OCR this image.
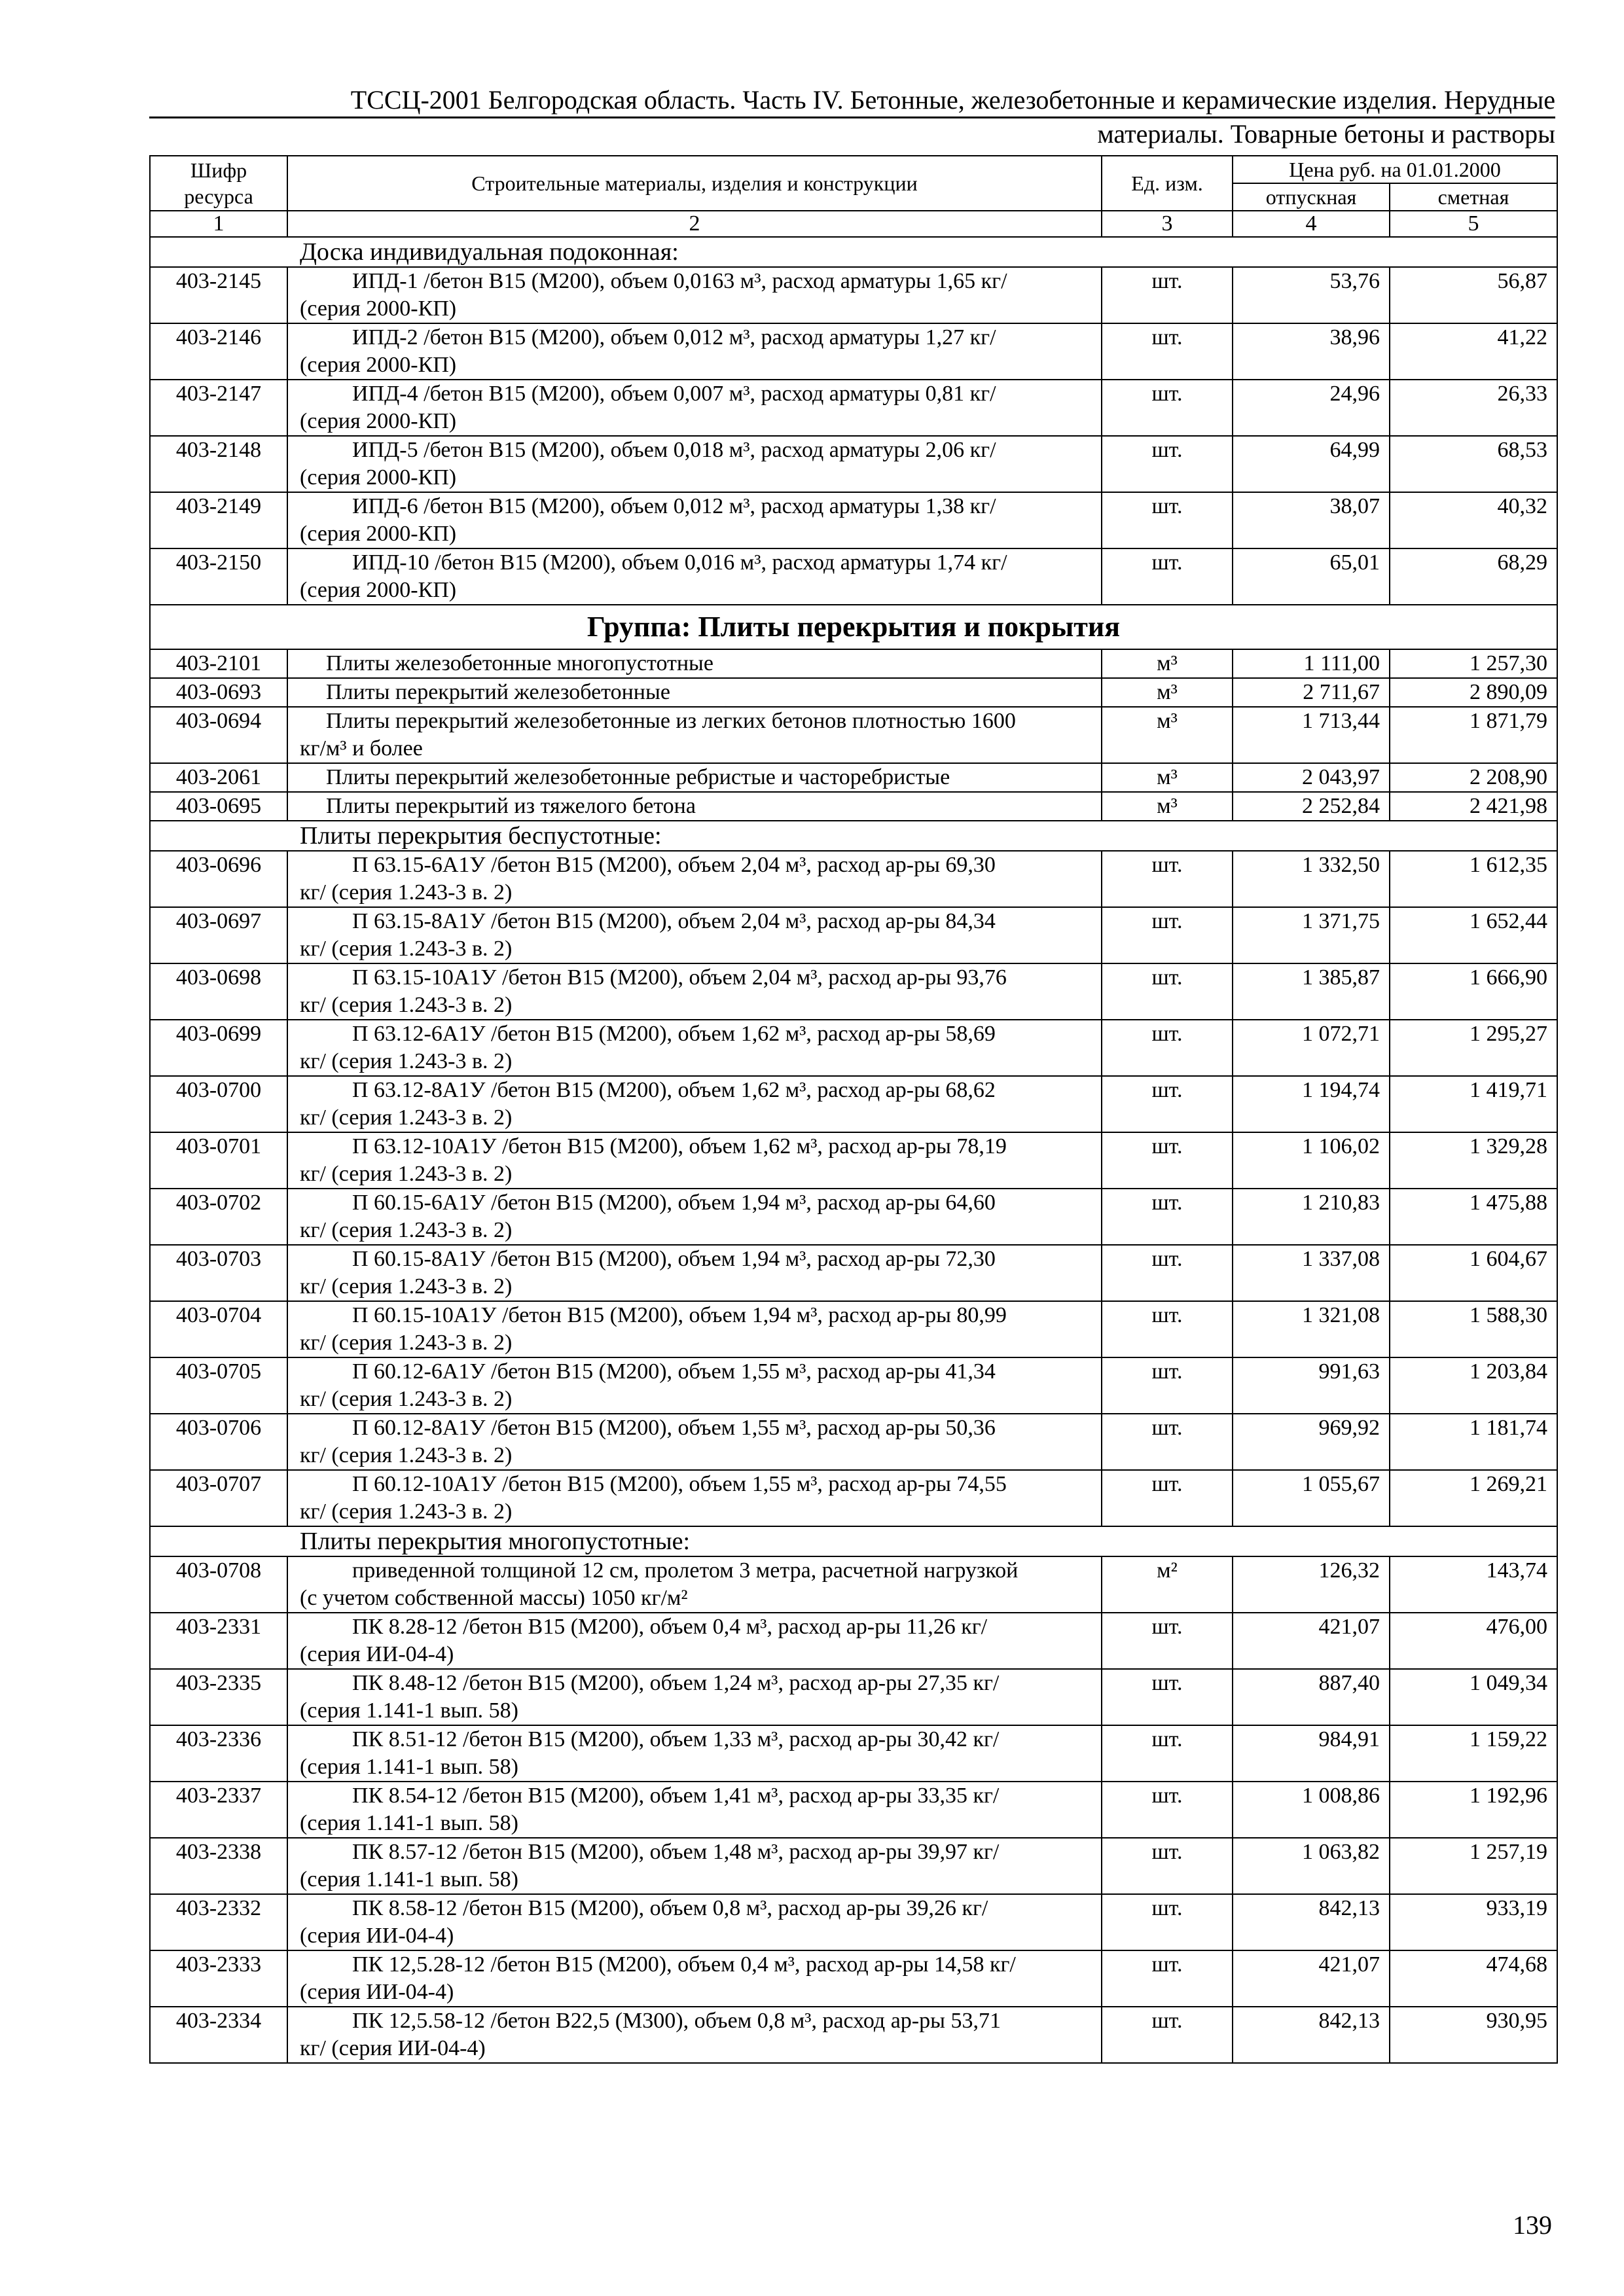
ТССЦ-2001 Белгородская область. Часть IV. Бетонные, железобетонные и керамические изделия. Нерудные
материалы. Товарные бетоны и растворы
Шифр ресурса	Строительные материалы, изделия и конструкции	Ед. изм.	Цена руб. на 01.01.2000	
			отпускная	сметная
1	2	3	4	5
Доска индивидуальная подоконная:				
403-2145	ИПД-1 /бетон В15 (М200), объем 0,0163 м³, расход арматуры 1,65 кг/
(серия 2000-КП)	шт.	53,76	56,87
403-2146	ИПД-2 /бетон В15 (М200), объем 0,012 м³, расход арматуры 1,27 кг/
(серия 2000-КП)	шт.	38,96	41,22
403-2147	ИПД-4 /бетон В15 (М200), объем 0,007 м³, расход арматуры 0,81 кг/
(серия 2000-КП)	шт.	24,96	26,33
403-2148	ИПД-5 /бетон В15 (М200), объем 0,018 м³, расход арматуры 2,06 кг/
(серия 2000-КП)	шт.	64,99	68,53
403-2149	ИПД-6 /бетон В15 (М200), объем 0,012 м³, расход арматуры 1,38 кг/
(серия 2000-КП)	шт.	38,07	40,32
403-2150	ИПД-10 /бетон В15 (М200), объем 0,016 м³, расход арматуры 1,74 кг/
(серия 2000-КП)	шт.	65,01	68,29
Группа: Плиты перекрытия и покрытия				
403-2101	Плиты железобетонные многопустотные	м³	1 111,00	1 257,30
403-0693	Плиты перекрытий железобетонные	м³	2 711,67	2 890,09
403-0694	Плиты перекрытий железобетонные из легких бетонов плотностью 1600
кг/м³ и более	м³	1 713,44	1 871,79
403-2061	Плиты перекрытий железобетонные ребристые и часторебристые	м³	2 043,97	2 208,90
403-0695	Плиты перекрытий из тяжелого бетона	м³	2 252,84	2 421,98
Плиты перекрытия беспустотные:				
403-0696	П 63.15-6А1У /бетон В15 (М200), объем 2,04 м³, расход ар-ры 69,30
кг/ (серия 1.243-3 в. 2)	шт.	1 332,50	1 612,35
403-0697	П 63.15-8А1У /бетон В15 (М200), объем 2,04 м³, расход ар-ры 84,34
кг/ (серия 1.243-3 в. 2)	шт.	1 371,75	1 652,44
403-0698	П 63.15-10А1У /бетон В15 (М200), объем 2,04 м³, расход ар-ры 93,76
кг/ (серия 1.243-3 в. 2)	шт.	1 385,87	1 666,90
403-0699	П 63.12-6А1У /бетон В15 (М200), объем 1,62 м³, расход ар-ры 58,69
кг/ (серия 1.243-3 в. 2)	шт.	1 072,71	1 295,27
403-0700	П 63.12-8А1У /бетон В15 (М200), объем 1,62 м³, расход ар-ры 68,62
кг/ (серия 1.243-3 в. 2)	шт.	1 194,74	1 419,71
403-0701	П 63.12-10А1У /бетон В15 (М200), объем 1,62 м³, расход ар-ры 78,19
кг/ (серия 1.243-3 в. 2)	шт.	1 106,02	1 329,28
403-0702	П 60.15-6А1У /бетон В15 (М200), объем 1,94 м³, расход ар-ры 64,60
кг/ (серия 1.243-3 в. 2)	шт.	1 210,83	1 475,88
403-0703	П 60.15-8А1У /бетон В15 (М200), объем 1,94 м³, расход ар-ры 72,30
кг/ (серия 1.243-3 в. 2)	шт.	1 337,08	1 604,67
403-0704	П 60.15-10А1У /бетон В15 (М200), объем 1,94 м³, расход ар-ры 80,99
кг/ (серия 1.243-3 в. 2)	шт.	1 321,08	1 588,30
403-0705	П 60.12-6А1У /бетон В15 (М200), объем 1,55 м³, расход ар-ры 41,34
кг/ (серия 1.243-3 в. 2)	шт.	991,63	1 203,84
403-0706	П 60.12-8А1У /бетон В15 (М200), объем 1,55 м³, расход ар-ры 50,36
кг/ (серия 1.243-3 в. 2)	шт.	969,92	1 181,74
403-0707	П 60.12-10А1У /бетон В15 (М200), объем 1,55 м³, расход ар-ры 74,55
кг/ (серия 1.243-3 в. 2)	шт.	1 055,67	1 269,21
Плиты перекрытия многопустотные:				
403-0708	приведенной толщиной 12 см, пролетом 3 метра, расчетной нагрузкой
(с учетом собственной массы) 1050 кг/м²	м²	126,32	143,74
403-2331	ПК 8.28-12 /бетон В15 (М200), объем 0,4 м³, расход ар-ры 11,26 кг/
(серия ИИ-04-4)	шт.	421,07	476,00
403-2335	ПК 8.48-12 /бетон В15 (М200), объем 1,24 м³, расход ар-ры 27,35 кг/
(серия 1.141-1 вып. 58)	шт.	887,40	1 049,34
403-2336	ПК 8.51-12 /бетон В15 (М200), объем 1,33 м³, расход ар-ры 30,42 кг/
(серия 1.141-1 вып. 58)	шт.	984,91	1 159,22
403-2337	ПК 8.54-12 /бетон В15 (М200), объем 1,41 м³, расход ар-ры 33,35 кг/
(серия 1.141-1 вып. 58)	шт.	1 008,86	1 192,96
403-2338	ПК 8.57-12 /бетон В15 (М200), объем 1,48 м³, расход ар-ры 39,97 кг/
(серия 1.141-1 вып. 58)	шт.	1 063,82	1 257,19
403-2332	ПК 8.58-12 /бетон В15 (М200), объем 0,8 м³, расход ар-ры 39,26 кг/
(серия ИИ-04-4)	шт.	842,13	933,19
403-2333	ПК 12,5.28-12 /бетон В15 (М200), объем 0,4 м³, расход ар-ры 14,58 кг/
(серия ИИ-04-4)	шт.	421,07	474,68
403-2334	ПК 12,5.58-12 /бетон В22,5 (М300), объем 0,8 м³, расход ар-ры 53,71
кг/ (серия ИИ-04-4)	шт.	842,13	930,95
139
